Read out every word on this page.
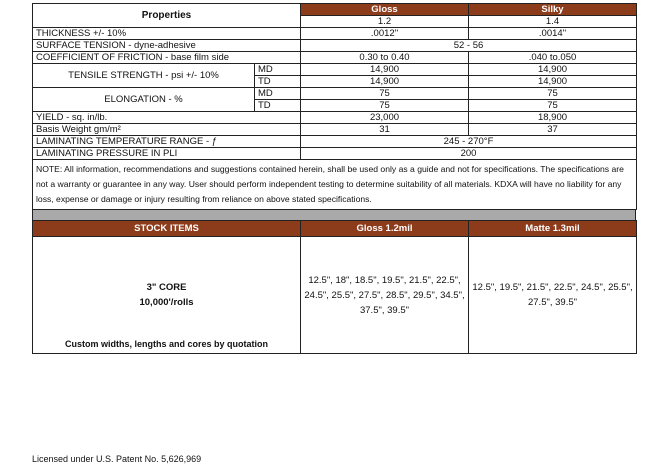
Properties		Gloss	Silky
		1.2	1.4
THICKNESS +/- 10%		.0012"	.0014"
SURFACE TENSION - dyne-adhesive		52 - 56	
COEFFICIENT OF FRICTION - base film side		0.30 to 0.40	.040 to.050
TENSILE STRENGTH - psi +/- 10%	MD	14,900	14,900
	TD	14,900	14,900
ELONGATION - %	MD	75	75
	TD	75	75
YIELD - sq. in/lb.		23,000	18,900
Basis Weight gm/m²		31	37
LAMINATING TEMPERATURE RANGE - ƒ		245 - 270°F	
LAMINATING PRESSURE IN PLI		200	
NOTE: All information, recommendations and suggestions contained herein, shall be used only as a guide and not for specifications. The specifications are not a warranty or guarantee in any way. User should perform independent testing to determine suitability of all materials. KDXA will have no liability for any loss, expense or damage or injury resulting from reliance on above stated specifications.			
STOCK ITEMS	Gloss 1.2mil	Matte 1.3mil

3" CORE
10,000'/rolls
Custom widths, lengths and cores by quotation	12.5", 18", 18.5", 19.5", 21.5", 22.5", 24.5", 25.5", 27.5", 28.5", 29.5", 34.5", 37.5", 39.5"	12.5", 19.5", 21.5", 22.5", 24.5", 25.5", 27.5", 39.5"
Licensed under U.S. Patent No. 5,626,969
